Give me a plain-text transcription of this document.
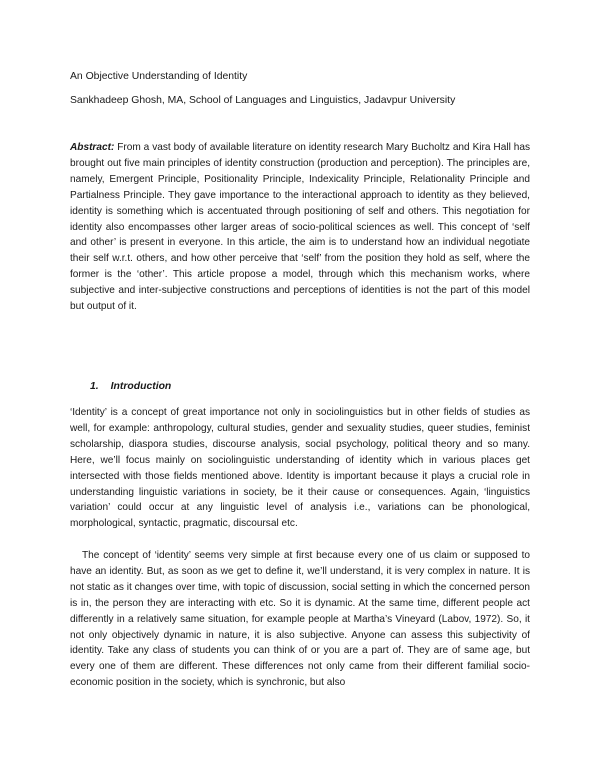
An Objective Understanding of Identity
Sankhadeep Ghosh, MA, School of Languages and Linguistics, Jadavpur University

Abstract: From a vast body of available literature on identity research Mary Bucholtz and Kira Hall has brought out five main principles of identity construction (production and perception). The principles are, namely, Emergent Principle, Positionality Principle, Indexicality Principle, Relationality Principle and Partialness Principle. They gave importance to the interactional approach to identity as they believed, identity is something which is accentuated through positioning of self and others. This negotiation for identity also encompasses other larger areas of socio-political sciences as well. This concept of ‘self and other’ is present in everyone. In this article, the aim is to understand how an individual negotiate their self w.r.t. others, and how other perceive that ‘self’ from the position they hold as self, where the former is the ‘other’. This article propose a model, through which this mechanism works, where subjective and inter-subjective constructions and perceptions of identities is not the part of this model but output of it.

1. Introduction

‘Identity’ is a concept of great importance not only in sociolinguistics but in other fields of studies as well, for example: anthropology, cultural studies, gender and sexuality studies, queer studies, feminist scholarship, diaspora studies, discourse analysis, social psychology, political theory and so many. Here, we’ll focus mainly on sociolinguistic understanding of identity which in various places get intersected with those fields mentioned above. Identity is important because it plays a crucial role in understanding linguistic variations in society, be it their cause or consequences. Again, ‘linguistics variation’ could occur at any linguistic level of analysis i.e., variations can be phonological, morphological, syntactic, pragmatic, discoursal etc.

The concept of ‘identity’ seems very simple at first because every one of us claim or supposed to have an identity. But, as soon as we get to define it, we’ll understand, it is very complex in nature. It is not static as it changes over time, with topic of discussion, social setting in which the concerned person is in, the person they are interacting with etc. So it is dynamic. At the same time, different people act differently in a relatively same situation, for example people at Martha’s Vineyard (Labov, 1972). So, it not only objectively dynamic in nature, it is also subjective. Anyone can assess this subjectivity of identity. Take any class of students you can think of or you are a part of. They are of same age, but every one of them are different. These differences not only came from their different familial socio-economic position in the society, which is synchronic, but also
